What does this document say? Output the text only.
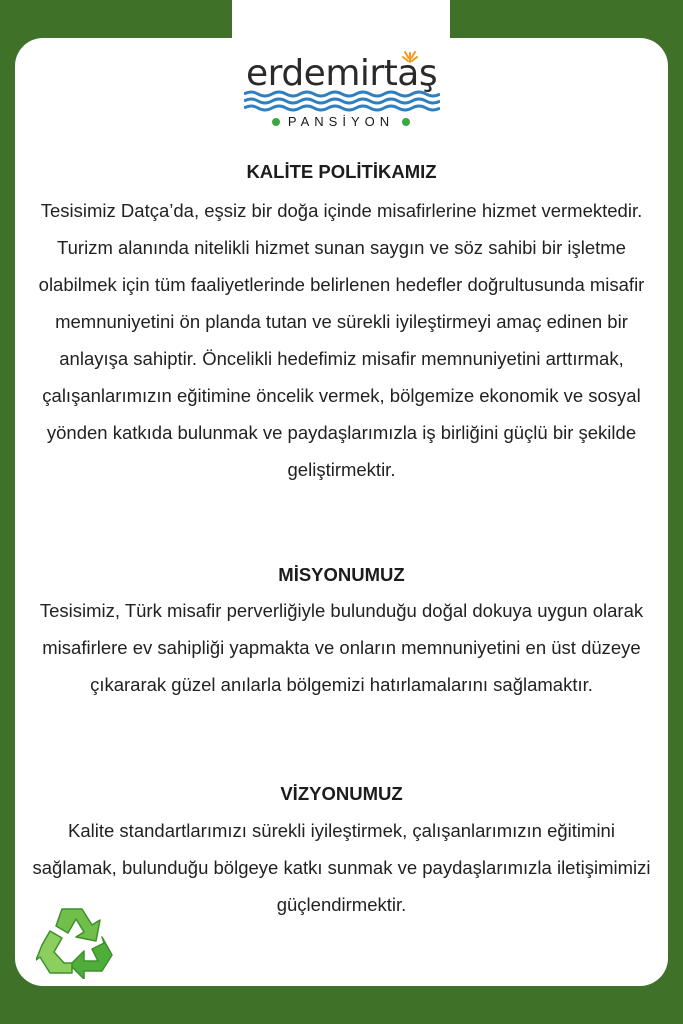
erdemirtaş
PANSİYON
KALİTE POLİTİKAMIZ
Tesisimiz Datça’da, eşsiz bir doğa içinde misafirlerine hizmet vermektedir. Turizm alanında nitelikli hizmet sunan saygın ve söz sahibi bir işletme olabilmek için tüm faaliyetlerinde belirlenen hedefler doğrultusunda misafir memnuniyetini ön planda tutan ve sürekli iyileştirmeyi amaç edinen bir anlayışa sahiptir. Öncelikli hedefimiz misafir memnuniyetini arttırmak, çalışanlarımızın eğitimine öncelik vermek, bölgemize ekonomik ve sosyal yönden katkıda bulunmak ve paydaşlarımızla iş birliğini güçlü bir şekilde geliştirmektir.
MİSYONUMUZ
Tesisimiz, Türk misafir perverliğiyle bulunduğu doğal dokuya uygun olarak misafirlere ev sahipliği yapmakta ve onların memnuniyetini en üst düzeye çıkararak güzel anılarla bölgemizi hatırlamalarını sağlamaktır.
VİZYONUMUZ
Kalite standartlarımızı sürekli iyileştirmek, çalışanlarımızın eğitimini sağlamak, bulunduğu bölgeye katkı sunmak ve paydaşlarımızla iletişimimizi güçlendirmektir.
